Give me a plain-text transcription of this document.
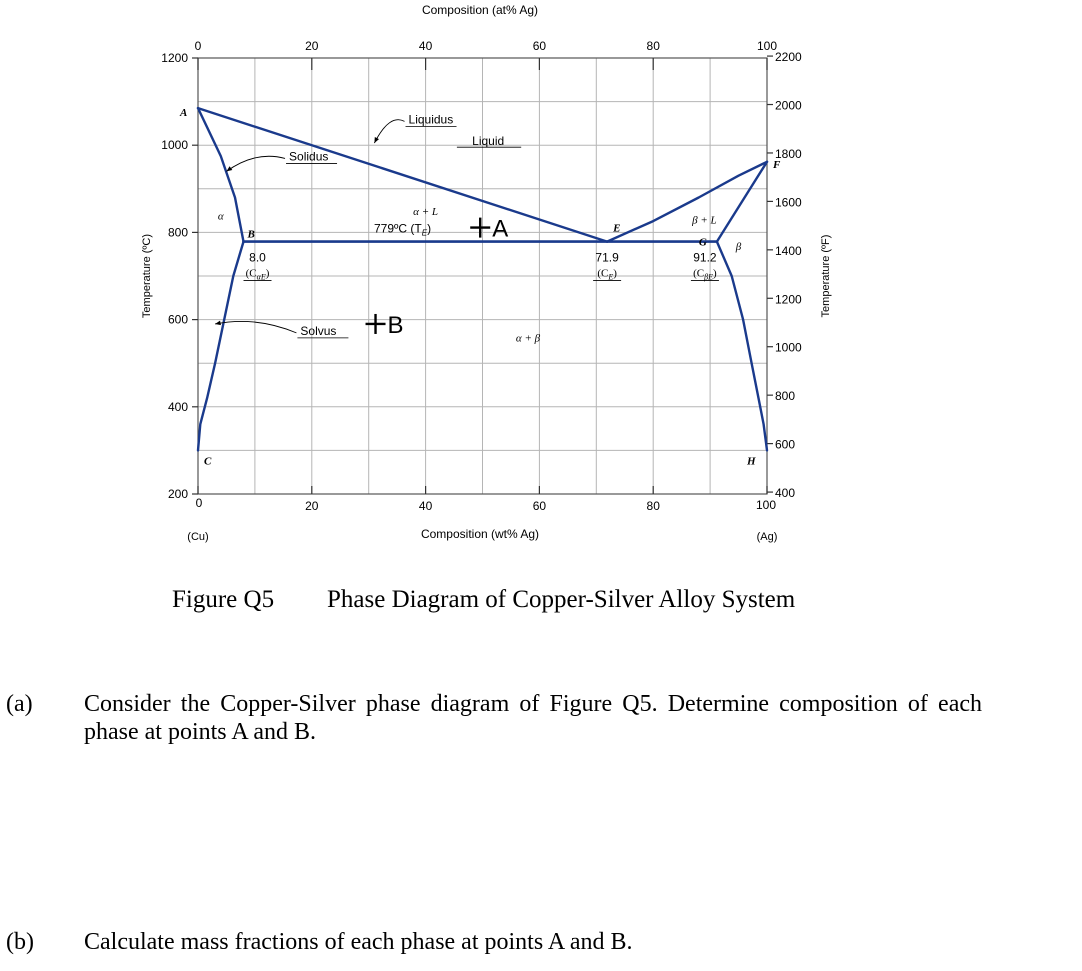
0	20	40	60	80	100
0	20	40	60	80	100
200
400
600
800
1000
1200
400
600
800
1000
1200
1400
1600
1800
2000
2200
Composition (at% Ag)
Composition (wt% Ag)
Temperature (ºC)	Temperature (ºF)
(Cu)	(Ag)
779ºC $(T_E)$
A
B
C
E
G
F
H
Liquid
α + L
β + L
α
β
α + β
Liquidus
Solidus
Solvus
8.0
$(C_{\alpha E})$
71.9
$(C_E)$
91.2
$(C_{\beta E})$
A
B
Figure Q5 Phase Diagram of Copper-Silver Alloy System
(a) Consider the Copper-Silver phase diagram of Figure Q5. Determine composition of each phase at points A and B.
(b) Calculate mass fractions of each phase at points A and B.
